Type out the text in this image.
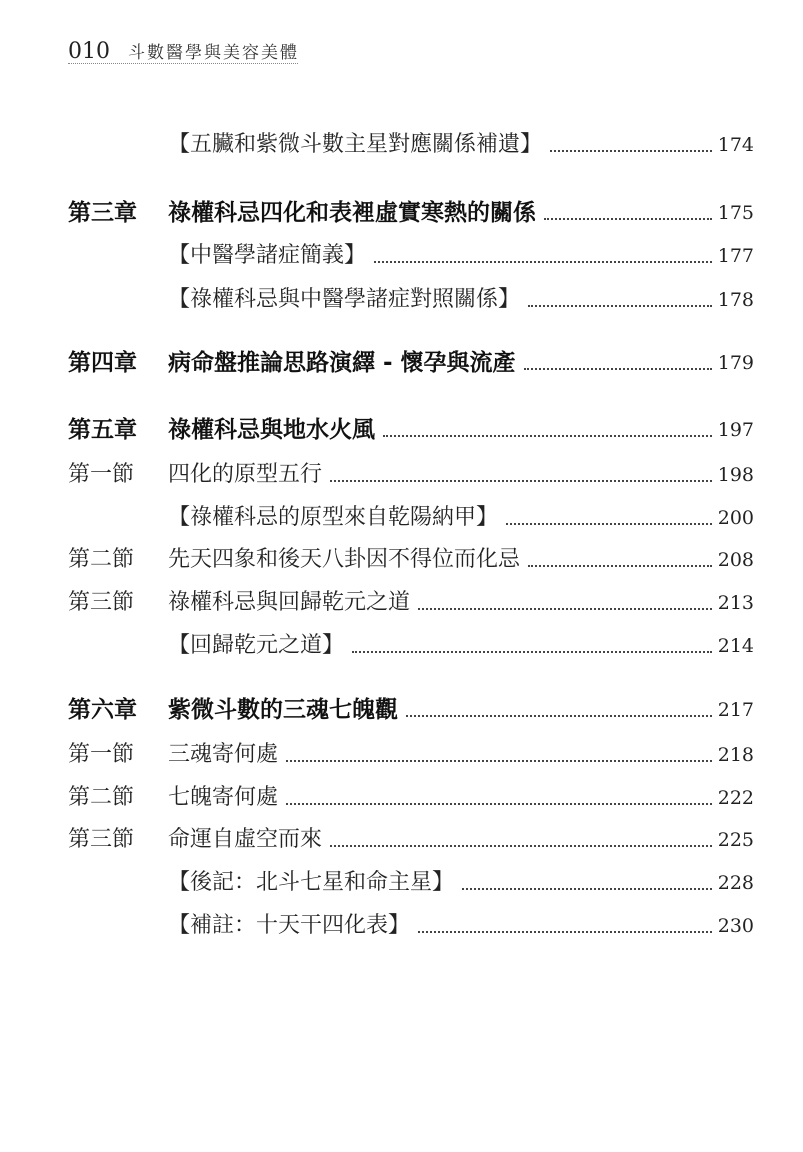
010 斗數醫學與美容美體
【五臟和紫微斗數主星對應關係補遺】	174
第三章	祿權科忌四化和表裡虛實寒熱的關係	175
【中醫學諸症簡義】	177
【祿權科忌與中醫學諸症對照關係】	178
第四章	病命盤推論思路演繹 - 懷孕與流產	179
第五章	祿權科忌與地水火風	197
第一節	四化的原型五行	198
【祿權科忌的原型來自乾陽納甲】	200
第二節	先天四象和後天八卦因不得位而化忌	208
第三節	祿權科忌與回歸乾元之道	213
【回歸乾元之道】	214
第六章	紫微斗數的三魂七魄觀	217
第一節	三魂寄何處	218
第二節	七魄寄何處	222
第三節	命運自虛空而來	225
【後記：北斗七星和命主星】	228
【補註：十天干四化表】	230
